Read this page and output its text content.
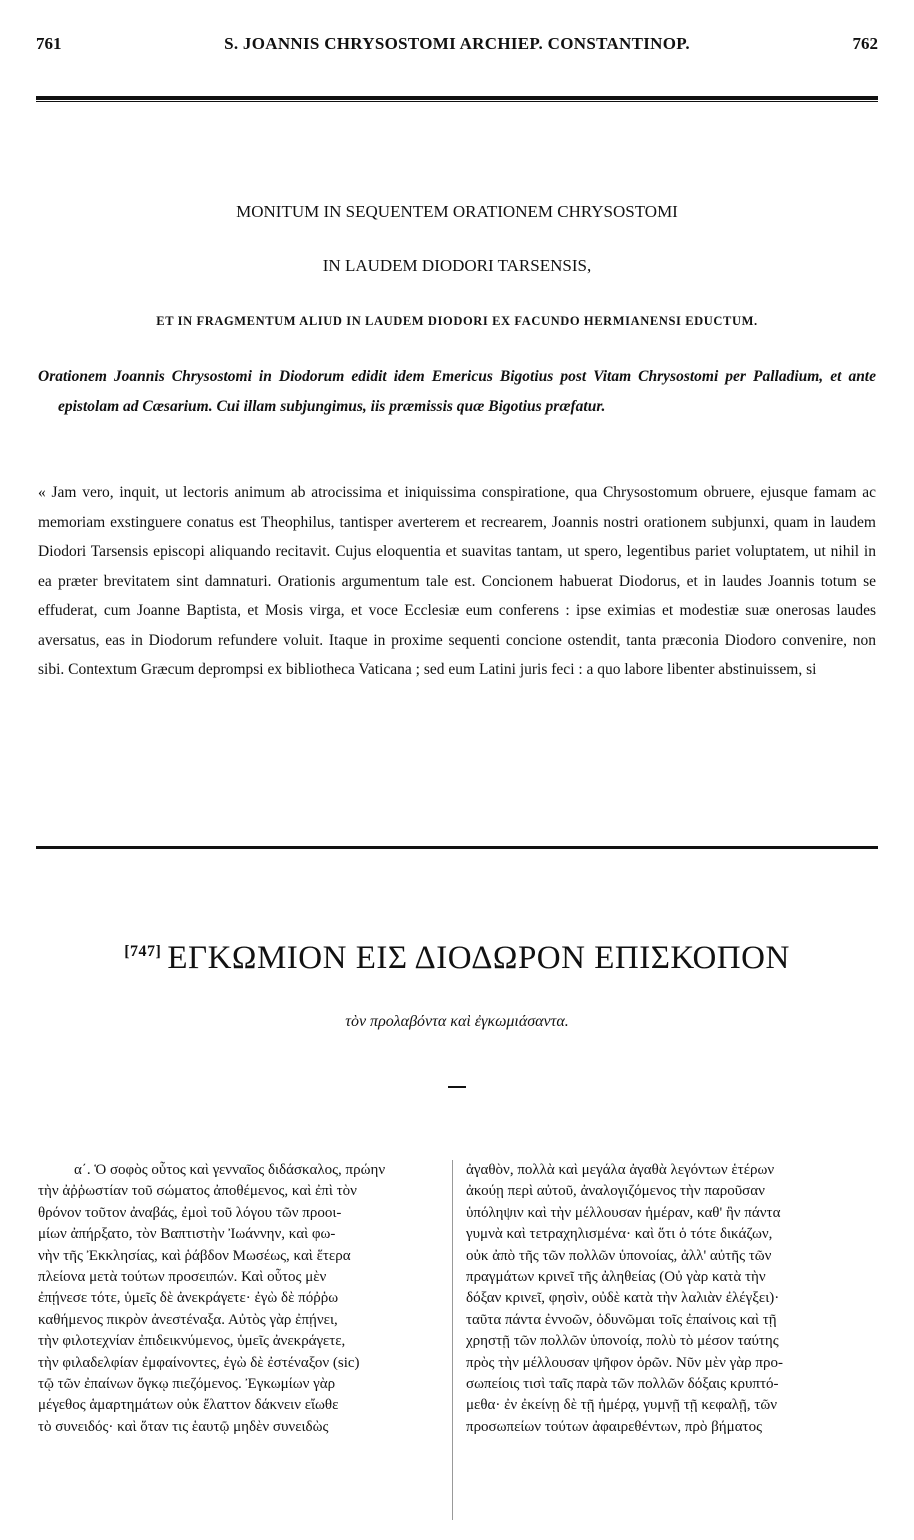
761	S. JOANNIS CHRYSOSTOMI ARCHIEP. CONSTANTINOP.	762
MONITUM IN SEQUENTEM ORATIONEM CHRYSOSTOMI
IN LAUDEM DIODORI TARSENSIS,
ET IN FRAGMENTUM ALIUD IN LAUDEM DIODORI EX FACUNDO HERMIANENSI EDUCTUM.
Orationem Joannis Chrysostomi in Diodorum edidit idem Emericus Bigotius post Vitam Chrysostomi per Palladium, et ante epistolam ad Cæsarium. Cui illam subjungimus, iis præmissis quæ Bigotius præfatur.
« Jam vero, inquit, ut lectoris animum ab atrocissima et iniquissima conspiratione, qua Chrysostomum obruere, ejusque famam ac memoriam exstinguere conatus est Theophilus, tantisper averterem et recrearem, Joannis nostri orationem subjunxi, quam in laudem Diodori Tarsensis episcopi aliquando recitavit. Cujus eloquentia et suavitas tantam, ut spero, legentibus pariet voluptatem, ut nihil in ea præter brevitatem sint damnaturi. Orationis argumentum tale est. Concionem habuerat Diodorus, et in laudes Joannis totum se effuderat, cum Joanne Baptista, et Mosis virga, et voce Ecclesiæ eum conferens : ipse eximias et modestiæ suæ onerosas laudes aversatus, eas in Diodorum refundere voluit. Itaque in proxime sequenti concione ostendit, tanta præconia Diodoro convenire, non sibi. Contextum Græcum deprompsi ex bibliotheca Vaticana ; sed eum Latini juris feci : a quo labore libenter abstinuissem, si
[747] ΕΓΚΩΜΙΟΝ ΕΙΣ ΔΙΟΔΩΡΟΝ ΕΠΙΣΚΟΠΟΝ
τὸν προλαβόντα καὶ ἐγκωμιάσαντα.
α΄. Ὁ σοφὸς οὗτος καὶ γενναῖος διδάσκαλος, πρώην
τὴν ἀῤῥωστίαν τοῦ σώματος ἀποθέμενος, καὶ ἐπὶ τὸν
θρόνον τοῦτον ἀναβάς, ἐμοὶ τοῦ λόγου τῶν προοι-
μίων ἀπήρξατο, τὸν Βαπτιστὴν Ἰωάννην, καὶ φω-
νὴν τῆς Ἐκκλησίας, καὶ ῥάβδον Μωσέως, καὶ ἕτερα
πλείονα μετὰ τούτων προσειπών. Καὶ οὗτος μὲν
ἐπῄνεσε τότε, ὑμεῖς δὲ ἀνεκράγετε· ἐγὼ δὲ πόῤῥω
καθήμενος πικρὸν ἀνεστέναξα. Αὐτὸς γὰρ ἐπῄνει,
τὴν φιλοτεχνίαν ἐπιδεικνύμενος, ὑμεῖς ἀνεκράγετε,
τὴν φιλαδελφίαν ἐμφαίνοντες, ἐγὼ δὲ ἐστέναξον (sic)
τῷ τῶν ἐπαίνων ὄγκῳ πιεζόμενος. Ἐγκωμίων γὰρ
μέγεθος ἁμαρτημάτων οὐκ ἔλαττον δάκνειν εἴωθε
τὸ συνειδός· καὶ ὅταν τις ἑαυτῷ μηδὲν συνειδὼς
ἀγαθὸν, πολλὰ καὶ μεγάλα ἀγαθὰ λεγόντων ἑτέρων
ἀκούῃ περὶ αὐτοῦ, ἀναλογιζόμενος τὴν παροῦσαν
ὑπόληψιν καὶ τὴν μέλλουσαν ἡμέραν, καθ' ἣν πάντα
γυμνὰ καὶ τετραχηλισμένα· καὶ ὅτι ὁ τότε δικάζων,
οὐκ ἀπὸ τῆς τῶν πολλῶν ὑπονοίας, ἀλλ' αὐτῆς τῶν
πραγμάτων κρινεῖ τῆς ἀληθείας (Οὐ γὰρ κατὰ τὴν
δόξαν κρινεῖ, φησὶν, οὐδὲ κατὰ τὴν λαλιὰν ἐλέγξει)·
ταῦτα πάντα ἐννοῶν, ὀδυνῶμαι τοῖς ἐπαίνοις καὶ τῇ
χρηστῇ τῶν πολλῶν ὑπονοίᾳ, πολὺ τὸ μέσον ταύτης
πρὸς τὴν μέλλουσαν ψῆφον ὁρῶν. Νῦν μὲν γὰρ προ-
σωπείοις τισὶ ταῖς παρὰ τῶν πολλῶν δόξαις κρυπτό-
μεθα· ἐν ἐκείνῃ δὲ τῇ ἡμέρᾳ, γυμνῇ τῇ κεφαλῇ, τῶν
προσωπείων τούτων ἀφαιρεθέντων, πρὸ βήματος
